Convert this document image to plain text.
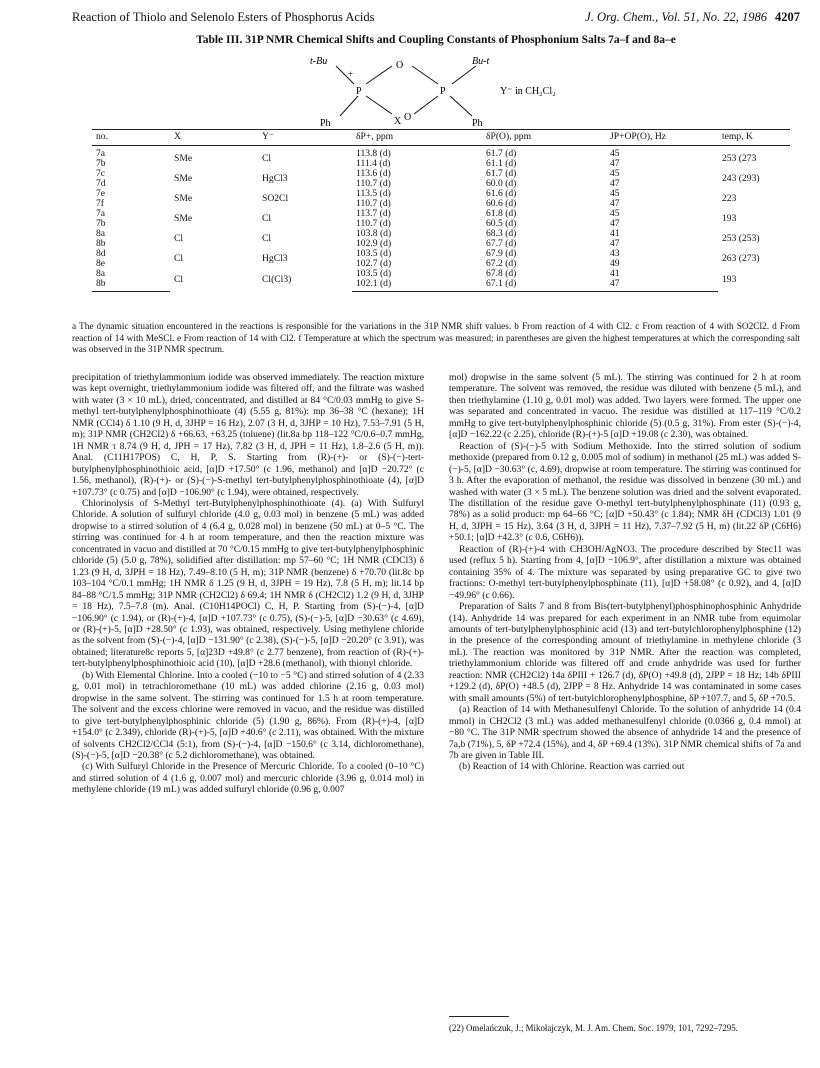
Reaction of Thiolo and Selenolo Esters of Phosphorus Acids	J. Org. Chem., Vol. 51, No. 22, 1986 4207
Table III. 31P NMR Chemical Shifts and Coupling Constants of Phosphonium Salts 7a–f and 8a–e
t-Bu
+
O	Bu-t
P	P	Y⁻ in CH₂Cl₂
Ph	X O
Ph
no.	X	Y⁻	δP+, ppm	δP(O), ppm	JP+OP(O), Hz	temp, K
7a	SMe	Cl	113.8 (d)	61.7 (d)	45	253 (273
7b			111.4 (d)	61.1 (d)	47	
7c	SMe	HgCl3	113.6 (d)	61.7 (d)	45	243 (293)
7d			110.7 (d)	60.0 (d)	47	
7e	SMe	SO2Cl	113.5 (d)	61.6 (d)	45	223
7f			110.7 (d)	60.6 (d)	47	
7a	SMe	Cl	113.7 (d)	61.8 (d)	45	193
7b			110.7 (d)	60.5 (d)	47	
8a	Cl	Cl	103.8 (d)	68.3 (d)	41	253 (253)
8b			102.9 (d)	67.7 (d)	47	
8d	Cl	HgCl3	103.5 (d)	67.9 (d)	43	263 (273)
8e			102.7 (d)	67.2 (d)	49	
8a	Cl	Cl(Cl3)	103.5 (d)	67.8 (d)	41	193
8b			102.1 (d)	67.1 (d)	47	
a The dynamic situation encountered in the reactions is responsible for the variations in the 31P NMR shift values. b From reaction of 4 with Cl2. c From reaction of 4 with SO2Cl2. d From reaction of 14 with MeSCl. e From reaction of 14 with Cl2. f Temperature at which the spectrum was measured; in parentheses are given the highest temperatures at which the corresponding salt was observed in the 31P NMR spectrum.

precipitation of triethylammonium iodide was observed immediately. The reaction mixture was kept overnight, triethylammonium iodide was filtered off, and the filtrate was washed with water (3 × 10 mL), dried, concentrated, and distilled at 84 °C/0.03 mmHg to give S-methyl tert-butylphenylphosphinothioate (4) (5.55 g, 81%): mp 36–38 °C (hexane); 1H NMR (CCl4) δ 1.10 (9 H, d, 3JHP = 16 Hz), 2.07 (3 H, d, 3JHP = 10 Hz), 7.53–7.91 (5 H, m); 31P NMR (CH2Cl2) δ +66.63, +63.25 (toluene) (lit.8a bp 118–122 °C/0.6–0.7 mmHg, 1H NMR τ 8.74 (9 H, d, JPH = 17 Hz), 7.82 (3 H, d, JPH = 11 Hz), 1.8–2.6 (5 H, m)). Anal. (C11H17POS) C, H, P, S. Starting from (R)-(+)- or (S)-(−)-tert-butylphenylphosphinothioic acid, [α]D +17.50° (c 1.96, methanol) and [α]D −20.72° (c 1.56, methanol), (R)-(+)- or (S)-(−)-S-methyl tert-butylphenylphosphinothioate (4), [α]D +107.73° (c 0.75) and [α]D −106.90° (c 1.94), were obtained, respectively.

Chlorinolysis of S-Methyl tert-Butylphenylphosphinothioate (4). (a) With Sulfuryl Chloride. A solution of sulfuryl chloride (4.0 g, 0.03 mol) in benzene (5 mL) was added dropwise to a stirred solution of 4 (6.4 g, 0.028 mol) in benzene (50 mL) at 0–5 °C. The stirring was continued for 4 h at room temperature, and then the reaction mixture was concentrated in vacuo and distilled at 70 °C/0.15 mmHg to give tert-butylphenylphosphinic chloride (5) (5.0 g, 78%), solidified after distillation: mp 57–60 °C; 1H NMR (CDCl3) δ 1.23 (9 H, d, 3JPH = 18 Hz), 7.49–8.10 (5 H, m); 31P NMR (benzene) δ +70.70 (lit.8c bp 103–104 °C/0.1 mmHg; 1H NMR δ 1.25 (9 H, d, 3JPH = 19 Hz), 7.8 (5 H, m); lit.14 bp 84–88 °C/1.5 mmHg; 31P NMR (CH2Cl2) δ 69.4; 1H NMR δ (CH2Cl2) 1.2 (9 H, d, 3JHP = 18 Hz), 7.5–7.8 (m). Anal. (C10H14POCl) C, H, P. Starting from (S)-(−)-4, [α]D −106.90° (c 1.94), or (R)-(+)-4, [α]D +107.73° (c 0.75), (S)-(−)-5, [α]D −30.63° (c 4.69), or (R)-(+)-5, [α]D +28.50° (c 1.93), was obtained, respectively. Using methylene chloride as the solvent from (S)-(−)-4, [α]D −131.90° (c 2.38), (S)-(−)-5, [α]D −20.20° (c 3.91), was obtained; literature8c reports 5, [α]23D +49.8° (c 2.77 benzene), from reaction of (R)-(+)-tert-butylphenylphosphinothioic acid (10), [α]D +28.6 (methanol), with thionyl chloride.

(b) With Elemental Chlorine. Into a cooled (−10 to −5 °C) and stirred solution of 4 (2.33 g, 0.01 mol) in tetrachloromethane (10 mL) was added chlorine (2.16 g, 0.03 mol) dropwise in the same solvent. The stirring was continued for 1.5 h at room temperature. The solvent and the excess chlorine were removed in vacuo, and the residue was distilled to give tert-butylphenylphosphinic chloride (5) (1.90 g, 86%). From (R)-(+)-4, [α]D +154.0° (c 2.349), chloride (R)-(+)-5, [α]D +40.6° (c 2.11), was obtained. With the mixture of solvents CH2Cl2/CCl4 (5:1), from (S)-(−)-4, [α]D −150.6° (c 3.14, dichloromethane), (S)-(−)-5, [α]D −20.38° (c 5.2 dichloromethane), was obtained.

(c) With Sulfuryl Chloride in the Presence of Mercuric Chloride. To a cooled (0–10 °C) and stirred solution of 4 (1.6 g, 0.007 mol) and mercuric chloride (3.96 g, 0.014 mol) in methylene chloride (19 mL) was added sulfuryl chloride (0.96 g, 0.007

mol) dropwise in the same solvent (5 mL). The stirring was continued for 2 h at room temperature. The solvent was removed, the residue was diluted with benzene (5 mL), and then triethylamine (1.10 g, 0.01 mol) was added. Two layers were formed. The upper one was separated and concentrated in vacuo. The residue was distilled at 117–119 °C/0.2 mmHg to give tert-butylphenylphosphinic chloride (5) (0.5 g, 31%). From ester (S)-(−)-4, [α]D −162.22 (c 2.25), chloride (R)-(+)-5 [α]D +19.08 (c 2.30), was obtained.

Reaction of (S)-(−)-5 with Sodium Methoxide. Into the stirred solution of sodium methoxide (prepared from 0.12 g, 0.005 mol of sodium) in methanol (25 mL) was added S-(−)-5, [α]D −30.63° (c, 4.69), dropwise at room temperature. The stirring was continued for 3 h. After the evaporation of methanol, the residue was dissolved in benzene (30 mL) and washed with water (3 × 5 mL). The benzene solution was dried and the solvent evaporated. The distillation of the residue gave O-methyl tert-butylphenylphosphinate (11) (0.93 g, 78%) as a solid product: mp 64–66 °C; [α]D +50.43° (c 1.84); NMR δH (CDCl3) 1.01 (9 H, d, 3JPH = 15 Hz), 3.64 (3 H, d, 3JPH = 11 Hz), 7.37–7.92 (5 H, m) (lit.22 δP (C6H6) +50.1; [α]D +42.3° (c 0.6, C6H6)).

Reaction of (R)-(+)-4 with CH3OH/AgNO3. The procedure described by Stec11 was used (reflux 5 h). Starting from 4, [α]D −106.9°, after distillation a mixture was obtained containing 35% of 4. The mixture was separated by using preparative GC to give two fractions: O-methyl tert-butylphenylphosphinate (11), [α]D +58.08° (c 0.92), and 4, [α]D −49.96° (c 0.66).

Preparation of Salts 7 and 8 from Bis(tert-butylphenyl)phosphinophosphinic Anhydride (14). Anhydride 14 was prepared for each experiment in an NMR tube from equimolar amounts of tert-butylphenylphosphinic acid (13) and tert-butylchlorophenylphosphine (12) in the presence of the corresponding amount of triethylamine in methylene chloride (3 mL). The reaction was monitored by 31P NMR. After the reaction was completed, triethylammonium chloride was filtered off and crude anhydride was used for further reaction: NMR (CH2Cl2) 14a δPIII + 126.7 (d), δP(O) +49.8 (d), 2JPP = 18 Hz; 14b δPIII +129.2 (d), δP(O) +48.5 (d), 2JPP = 8 Hz. Anhydride 14 was contaminated in some cases with small amounts (5%) of tert-butylchlorophenylphosphine, δP +107.7, and 5, δP +70.5.

(a) Reaction of 14 with Methanesulfenyl Chloride. To the solution of anhydride 14 (0.4 mmol) in CH2Cl2 (3 mL) was added methanesulfenyl chloride (0.0366 g, 0.4 mmol) at −80 °C. The 31P NMR spectrum showed the absence of anhydride 14 and the presence of 7a,b (71%), 5, δP +72.4 (15%), and 4, δP +69.4 (13%). 31P NMR chemical shifts of 7a and 7b are given in Table III.

(b) Reaction of 14 with Chlorine. Reaction was carried out

(22) Omelańczuk, J.; Mikołajczyk, M. J. Am. Chem. Soc. 1979, 101, 7292–7295.
